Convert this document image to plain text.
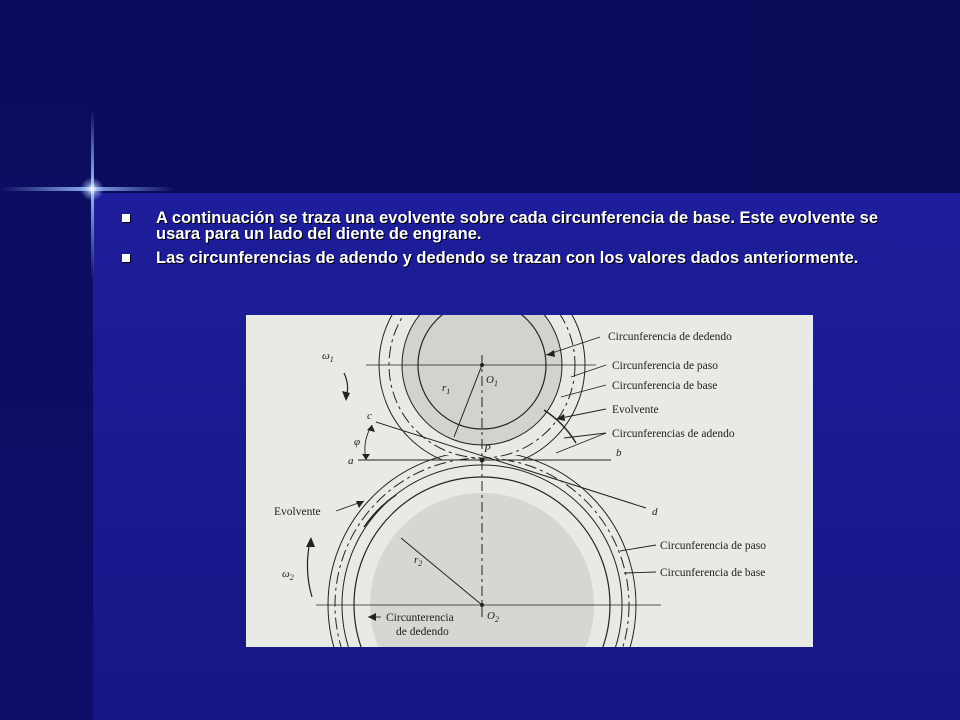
A continuación se traza una evolvente sobre cada circunferencia de base. Este evolvente se usara para un lado del diente de engrane.
Las circunferencias de adendo y dedendo se trazan con los valores dados anteriormente.
Circunferencia de dedendo
Circunferencia de paso
Circunferencia de base
Evolvente
Circunferencias de adendo
Evolvente
Circunferencia de paso
Circunferencia de base
Circunterencia
de dedendo
$\omega_1$
$\omega_2$
$r_1$
$r_2$
$O_1$
$O_2$
c
a
b
d
P
φ
